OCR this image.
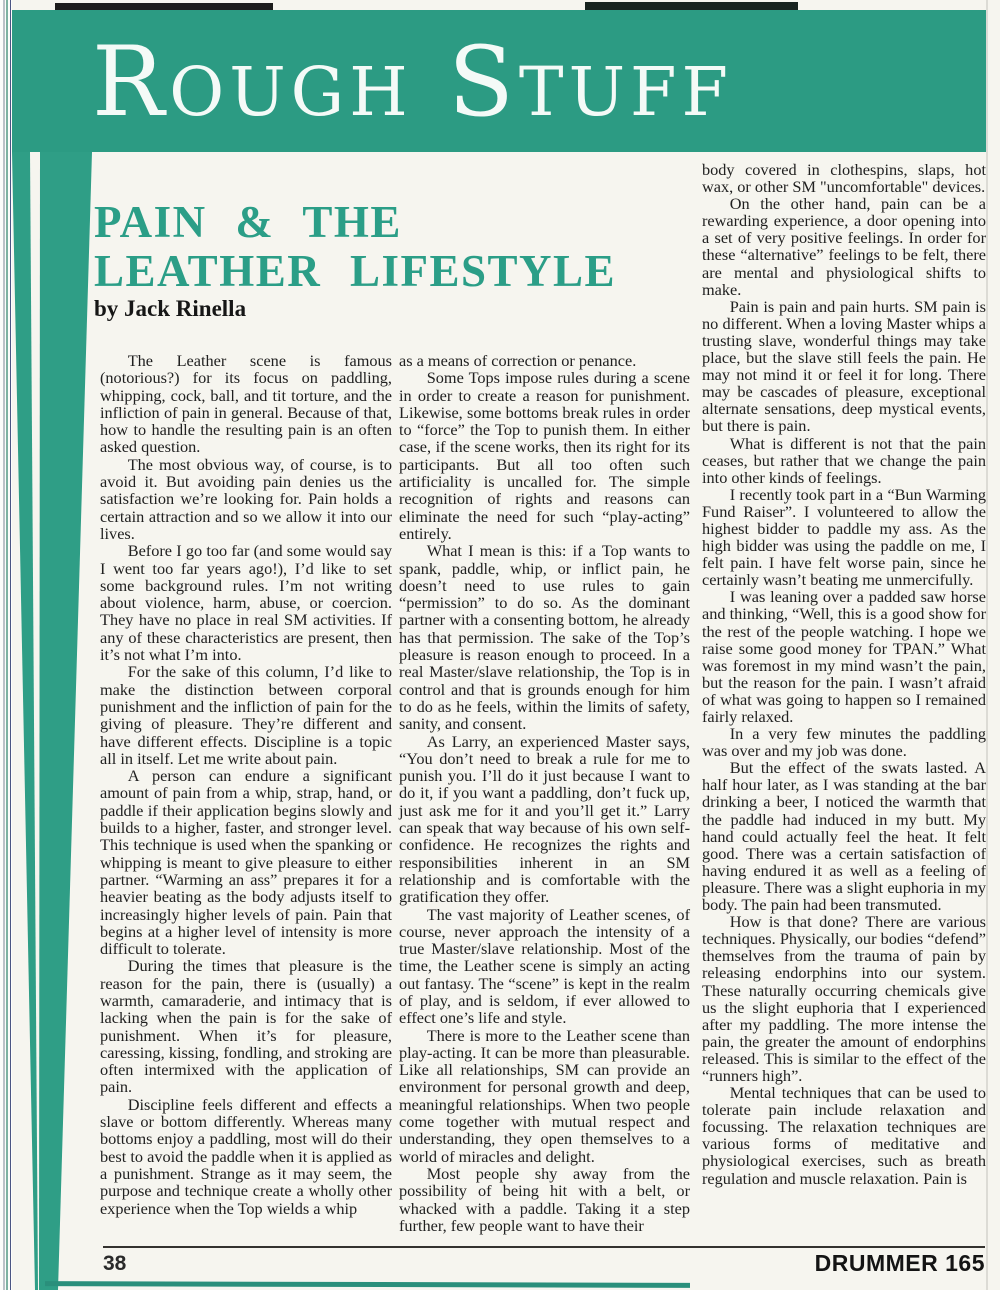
Rough Stuff
PAIN & THE
LEATHER LIFESTYLE
by Jack Rinella

The Leather scene is famous (notorious?) for its focus on paddling, whipping, cock, ball, and tit torture, and the infliction of pain in general. Because of that, how to handle the resulting pain is an often asked question.

The most obvious way, of course, is to avoid it. But avoiding pain denies us the satisfaction we’re looking for. Pain holds a certain attraction and so we allow it into our lives.

Before I go too far (and some would say I went too far years ago!), I’d like to set some background rules. I’m not writing about violence, harm, abuse, or coercion. They have no place in real SM activities. If any of these characteristics are present, then it’s not what I’m into.

For the sake of this column, I’d like to make the distinction between corporal punishment and the infliction of pain for the giving of pleasure. They’re different and have different effects. Discipline is a topic all in itself. Let me write about pain.

A person can endure a significant amount of pain from a whip, strap, hand, or paddle if their application begins slowly and builds to a higher, faster, and stronger level. This technique is used when the spanking or whipping is meant to give pleasure to either partner. “Warming an ass” prepares it for a heavier beating as the body adjusts itself to increasingly higher levels of pain. Pain that begins at a higher level of intensity is more difficult to tolerate.

During the times that pleasure is the reason for the pain, there is (usually) a warmth, camaraderie, and intimacy that is lacking when the pain is for the sake of punishment. When it’s for pleasure, caressing, kissing, fondling, and stroking are often intermixed with the application of pain.

Discipline feels different and effects a slave or bottom differently. Whereas many bottoms enjoy a paddling, most will do their best to avoid the paddle when it is applied as a punishment. Strange as it may seem, the purpose and technique create a wholly other experience when the Top wields a whip

as a means of correction or penance.

Some Tops impose rules during a scene in order to create a reason for punishment. Likewise, some bottoms break rules in order to “force” the Top to punish them. In either case, if the scene works, then its right for its participants. But all too often such artificiality is uncalled for. The simple recognition of rights and reasons can eliminate the need for such “play-acting” entirely.

What I mean is this: if a Top wants to spank, paddle, whip, or inflict pain, he doesn’t need to use rules to gain “permission” to do so. As the dominant partner with a consenting bottom, he already has that permission. The sake of the Top’s pleasure is reason enough to proceed. In a real Master/slave relationship, the Top is in control and that is grounds enough for him to do as he feels, within the limits of safety, sanity, and consent.

As Larry, an experienced Master says, “You don’t need to break a rule for me to punish you. I’ll do it just because I want to do it, if you want a paddling, don’t fuck up, just ask me for it and you’ll get it.” Larry can speak that way because of his own self-confidence. He recognizes the rights and responsibilities inherent in an SM relationship and is comfortable with the gratification they offer.

The vast majority of Leather scenes, of course, never approach the intensity of a true Master/slave relationship. Most of the time, the Leather scene is simply an acting out fantasy. The “scene” is kept in the realm of play, and is seldom, if ever allowed to effect one’s life and style.

There is more to the Leather scene than play-acting. It can be more than pleasurable. Like all relationships, SM can provide an environment for personal growth and deep, meaningful relationships. When two people come together with mutual respect and understanding, they open themselves to a world of miracles and delight.

Most people shy away from the possibility of being hit with a belt, or whacked with a paddle. Taking it a step further, few people want to have their

body covered in clothespins, slaps, hot wax, or other SM "uncomfortable" devices.

On the other hand, pain can be a rewarding experience, a door opening into a set of very positive feelings. In order for these “alternative” feelings to be felt, there are mental and physiological shifts to make.

Pain is pain and pain hurts. SM pain is no different. When a loving Master whips a trusting slave, wonderful things may take place, but the slave still feels the pain. He may not mind it or feel it for long. There may be cascades of pleasure, exceptional alternate sensations, deep mystical events, but there is pain.

What is different is not that the pain ceases, but rather that we change the pain into other kinds of feelings.

I recently took part in a “Bun Warming Fund Raiser”. I volunteered to allow the highest bidder to paddle my ass. As the high bidder was using the paddle on me, I felt pain. I have felt worse pain, since he certainly wasn’t beating me unmercifully.

I was leaning over a padded saw horse and thinking, “Well, this is a good show for the rest of the people watching. I hope we raise some good money for TPAN.” What was foremost in my mind wasn’t the pain, but the reason for the pain. I wasn’t afraid of what was going to happen so I remained fairly relaxed.

In a very few minutes the paddling was over and my job was done.

But the effect of the swats lasted. A half hour later, as I was standing at the bar drinking a beer, I noticed the warmth that the paddle had induced in my butt. My hand could actually feel the heat. It felt good. There was a certain satisfaction of having endured it as well as a feeling of pleasure. There was a slight euphoria in my body. The pain had been transmuted.

How is that done? There are various techniques. Physically, our bodies “defend” themselves from the trauma of pain by releasing endorphins into our system. These naturally occurring chemicals give us the slight euphoria that I experienced after my paddling. The more intense the pain, the greater the amount of endorphins released. This is similar to the effect of the “runners high”.

Mental techniques that can be used to tolerate pain include relaxation and focussing. The relaxation techniques are various forms of meditative and physiological exercises, such as breath regulation and muscle relaxation. Pain is

38	DRUMMER 165
